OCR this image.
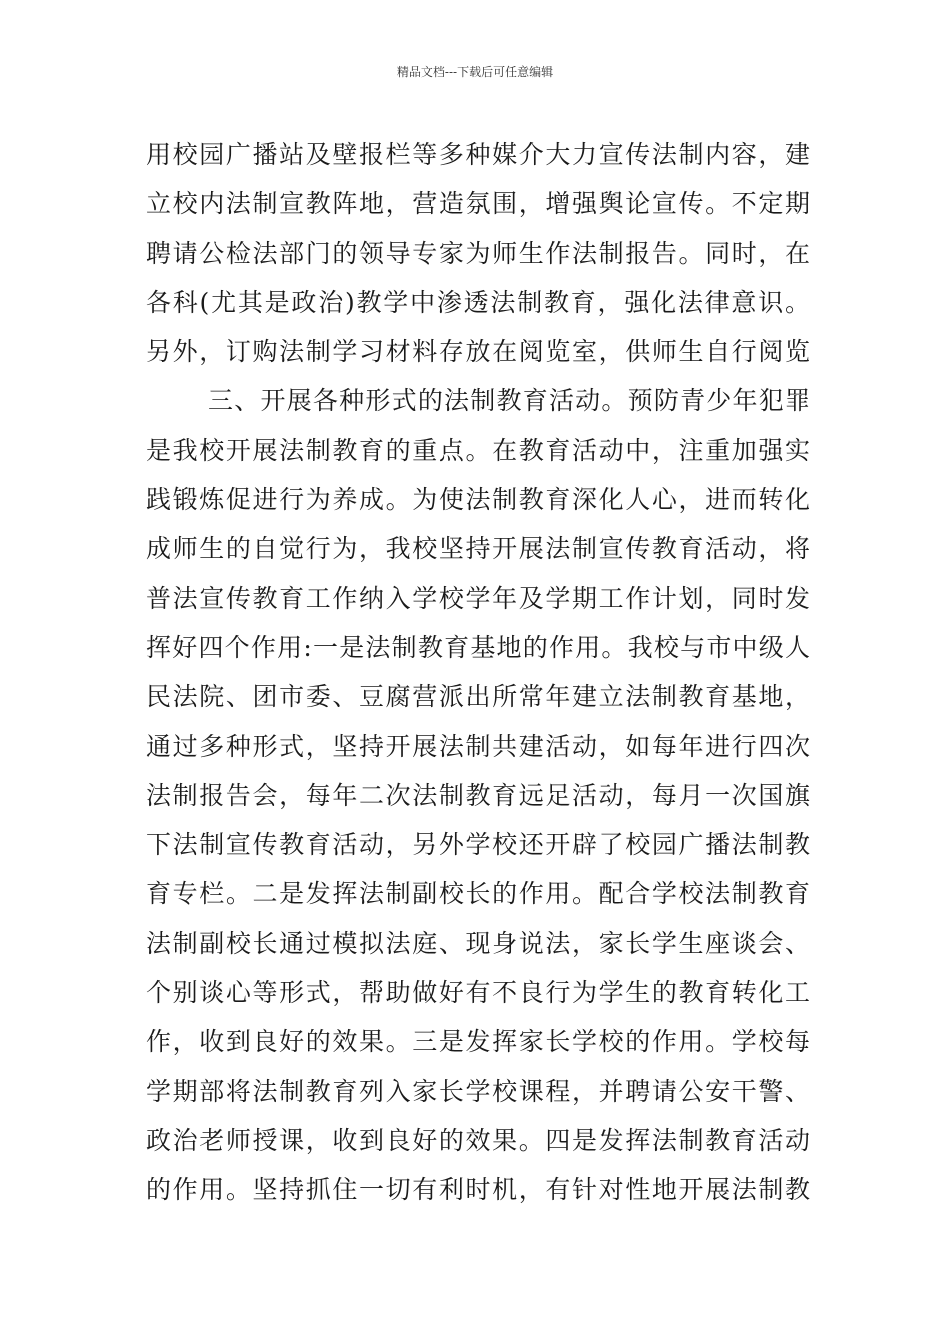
精品文档---下载后可任意编辑
用校园广播站及壁报栏等多种媒介大力宣传法制内容，建
立校内法制宣教阵地，营造氛围，增强舆论宣传。不定期
聘请公检法部门的领导专家为师生作法制报告。同时，在
各科(尤其是政治)教学中渗透法制教育，强化法律意识。
另外，订购法制学习材料存放在阅览室，供师生自行阅览
三、开展各种形式的法制教育活动。预防青少年犯罪
是我校开展法制教育的重点。在教育活动中，注重加强实
践锻炼促进行为养成。为使法制教育深化人心，进而转化
成师生的自觉行为，我校坚持开展法制宣传教育活动，将
普法宣传教育工作纳入学校学年及学期工作计划，同时发
挥好四个作用:一是法制教育基地的作用。我校与市中级人
民法院、团市委、豆腐营派出所常年建立法制教育基地，
通过多种形式，坚持开展法制共建活动，如每年进行四次
法制报告会，每年二次法制教育远足活动，每月一次国旗
下法制宣传教育活动，另外学校还开辟了校园广播法制教
育专栏。二是发挥法制副校长的作用。配合学校法制教育
法制副校长通过模拟法庭、现身说法，家长学生座谈会、
个别谈心等形式，帮助做好有不良行为学生的教育转化工
作，收到良好的效果。三是发挥家长学校的作用。学校每
学期部将法制教育列入家长学校课程，并聘请公安干警、
政治老师授课，收到良好的效果。四是发挥法制教育活动
的作用。坚持抓住一切有利时机，有针对性地开展法制教
